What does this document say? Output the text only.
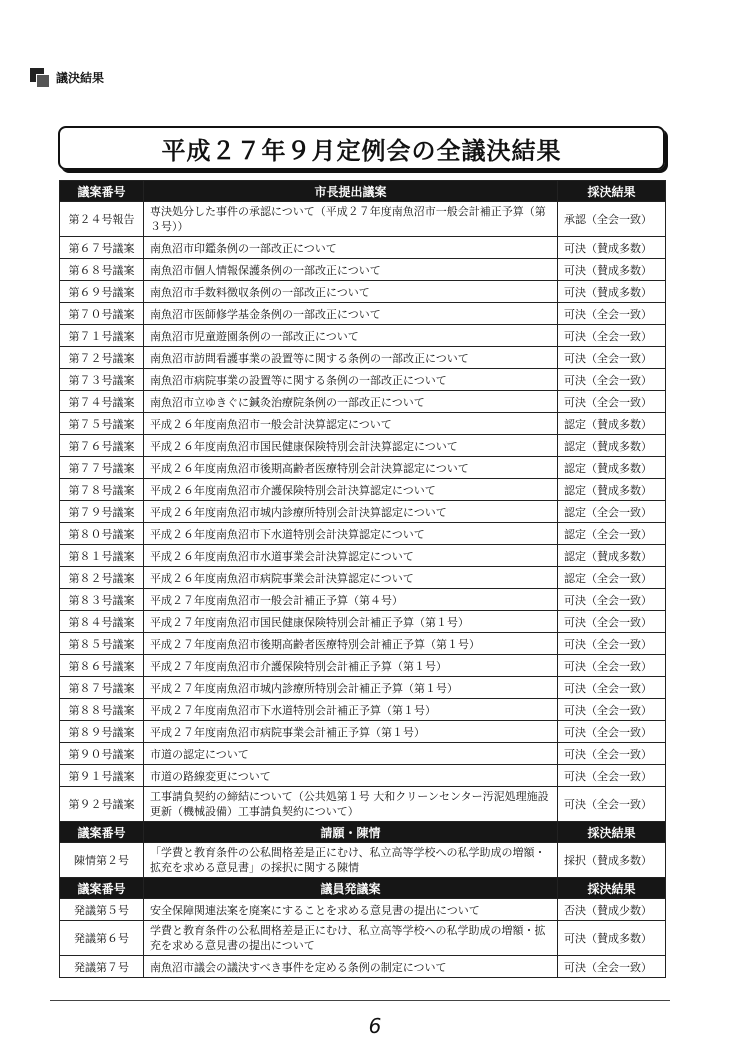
議決結果
平成２７年９月定例会の全議決結果
議案番号	市長提出議案	採決結果
第２４号報告	専決処分した事件の承認について（平成２７年度南魚沼市一般会計補正予算（第３号））	承認（全会一致）
第６７号議案	南魚沼市印鑑条例の一部改正について	可決（賛成多数）
第６８号議案	南魚沼市個人情報保護条例の一部改正について	可決（賛成多数）
第６９号議案	南魚沼市手数料徴収条例の一部改正について	可決（賛成多数）
第７０号議案	南魚沼市医師修学基金条例の一部改正について	可決（全会一致）
第７１号議案	南魚沼市児童遊園条例の一部改正について	可決（全会一致）
第７２号議案	南魚沼市訪問看護事業の設置等に関する条例の一部改正について	可決（全会一致）
第７３号議案	南魚沼市病院事業の設置等に関する条例の一部改正について	可決（全会一致）
第７４号議案	南魚沼市立ゆきぐに鍼灸治療院条例の一部改正について	可決（全会一致）
第７５号議案	平成２６年度南魚沼市一般会計決算認定について	認定（賛成多数）
第７６号議案	平成２６年度南魚沼市国民健康保険特別会計決算認定について	認定（賛成多数）
第７７号議案	平成２６年度南魚沼市後期高齢者医療特別会計決算認定について	認定（賛成多数）
第７８号議案	平成２６年度南魚沼市介護保険特別会計決算認定について	認定（賛成多数）
第７９号議案	平成２６年度南魚沼市城内診療所特別会計決算認定について	認定（全会一致）
第８０号議案	平成２６年度南魚沼市下水道特別会計決算認定について	認定（全会一致）
第８１号議案	平成２６年度南魚沼市水道事業会計決算認定について	認定（賛成多数）
第８２号議案	平成２６年度南魚沼市病院事業会計決算認定について	認定（全会一致）
第８３号議案	平成２７年度南魚沼市一般会計補正予算（第４号）	可決（全会一致）
第８４号議案	平成２７年度南魚沼市国民健康保険特別会計補正予算（第１号）	可決（全会一致）
第８５号議案	平成２７年度南魚沼市後期高齢者医療特別会計補正予算（第１号）	可決（全会一致）
第８６号議案	平成２７年度南魚沼市介護保険特別会計補正予算（第１号）	可決（全会一致）
第８７号議案	平成２７年度南魚沼市城内診療所特別会計補正予算（第１号）	可決（全会一致）
第８８号議案	平成２７年度南魚沼市下水道特別会計補正予算（第１号）	可決（全会一致）
第８９号議案	平成２７年度南魚沼市病院事業会計補正予算（第１号）	可決（全会一致）
第９０号議案	市道の認定について	可決（全会一致）
第９１号議案	市道の路線変更について	可決（全会一致）
第９２号議案	工事請負契約の締結について（公共処第１号 大和クリーンセンター汚泥処理施設更新（機械設備）工事請負契約について）	可決（全会一致）
議案番号	請願・陳情	採決結果
陳情第２号	「学費と教育条件の公私間格差是正にむけ、私立高等学校への私学助成の増額・拡充を求める意見書」の採択に関する陳情	採択（賛成多数）
議案番号	議員発議案	採決結果
発議第５号	安全保障関連法案を廃案にすることを求める意見書の提出について	否決（賛成少数）
発議第６号	学費と教育条件の公私間格差是正にむけ、私立高等学校への私学助成の増額・拡充を求める意見書の提出について	可決（賛成多数）
発議第７号	南魚沼市議会の議決すべき事件を定める条例の制定について	可決（全会一致）
6
